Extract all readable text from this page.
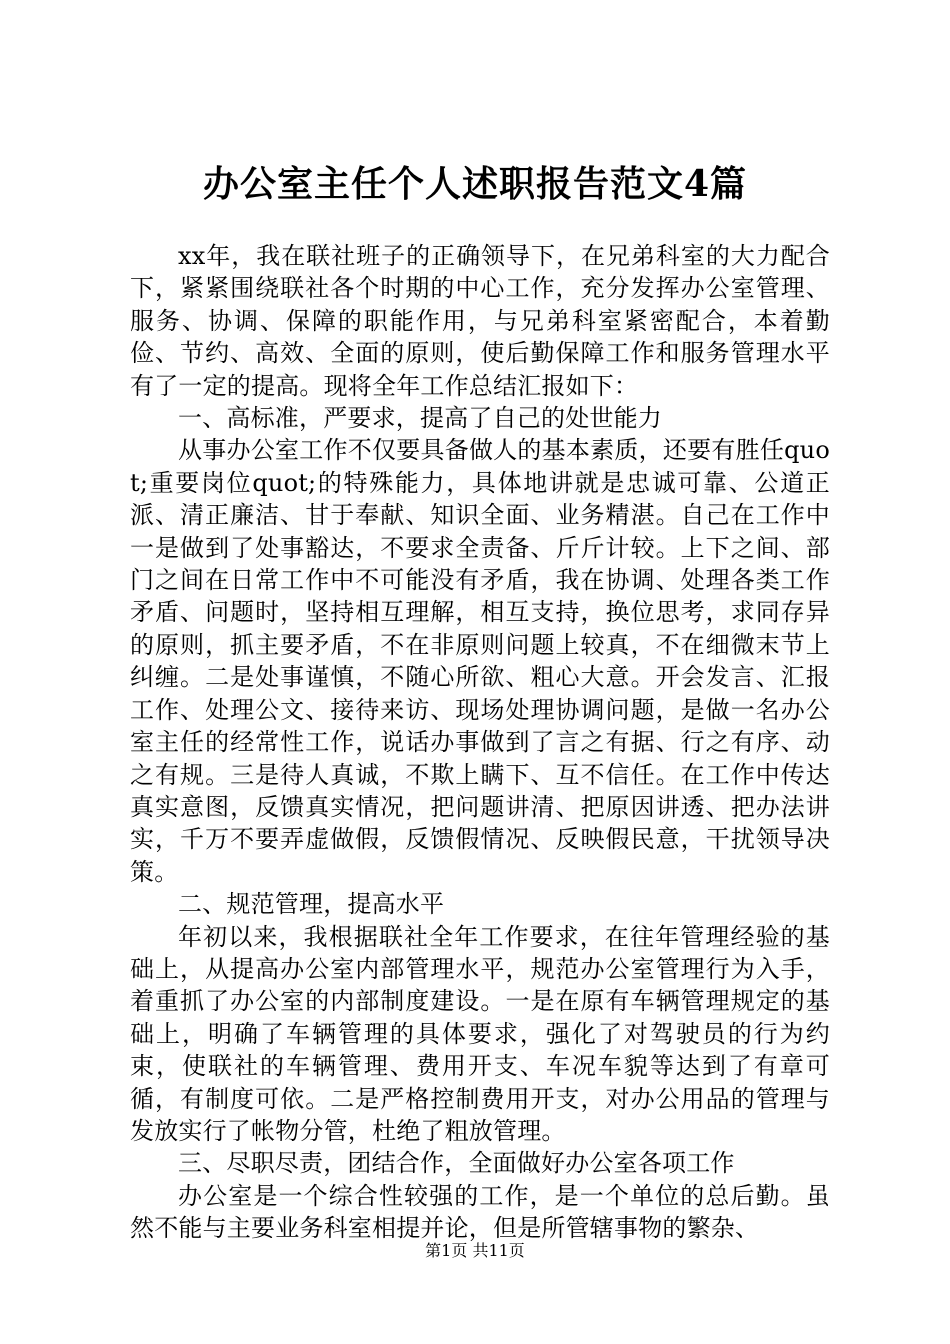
办公室主任个人述职报告范文4篇

xx年，我在联社班子的正确领导下，在兄弟科室的大力配合下，紧紧围绕联社各个时期的中心工作，充分发挥办公室管理、服务、协调、保障的职能作用，与兄弟科室紧密配合，本着勤俭、节约、高效、全面的原则，使后勤保障工作和服务管理水平有了一定的提高。现将全年工作总结汇报如下：

一、高标准，严要求，提高了自己的处世能力

从事办公室工作不仅要具备做人的基本素质，还要有胜任quot;重要岗位quot;的特殊能力，具体地讲就是忠诚可靠、公道正派、清正廉洁、甘于奉献、知识全面、业务精湛。自己在工作中一是做到了处事豁达，不要求全责备、斤斤计较。上下之间、部门之间在日常工作中不可能没有矛盾，我在协调、处理各类工作矛盾、问题时，坚持相互理解，相互支持，换位思考，求同存异的原则，抓主要矛盾，不在非原则问题上较真，不在细微末节上纠缠。二是处事谨慎，不随心所欲、粗心大意。开会发言、汇报工作、处理公文、接待来访、现场处理协调问题，是做一名办公室主任的经常性工作，说话办事做到了言之有据、行之有序、动之有规。三是待人真诚，不欺上瞒下、互不信任。在工作中传达真实意图，反馈真实情况，把问题讲清、把原因讲透、把办法讲实，千万不要弄虚做假，反馈假情况、反映假民意，干扰领导决策。

二、规范管理，提高水平

年初以来，我根据联社全年工作要求，在往年管理经验的基础上，从提高办公室内部管理水平，规范办公室管理行为入手，着重抓了办公室的内部制度建设。一是在原有车辆管理规定的基础上，明确了车辆管理的具体要求，强化了对驾驶员的行为约束，使联社的车辆管理、费用开支、车况车貌等达到了有章可循，有制度可依。二是严格控制费用开支，对办公用品的管理与发放实行了帐物分管，杜绝了粗放管理。

三、尽职尽责，团结合作，全面做好办公室各项工作

办公室是一个综合性较强的工作，是一个单位的总后勤。虽然不能与主要业务科室相提并论，但是所管辖事物的繁杂、

第1页 共11页
